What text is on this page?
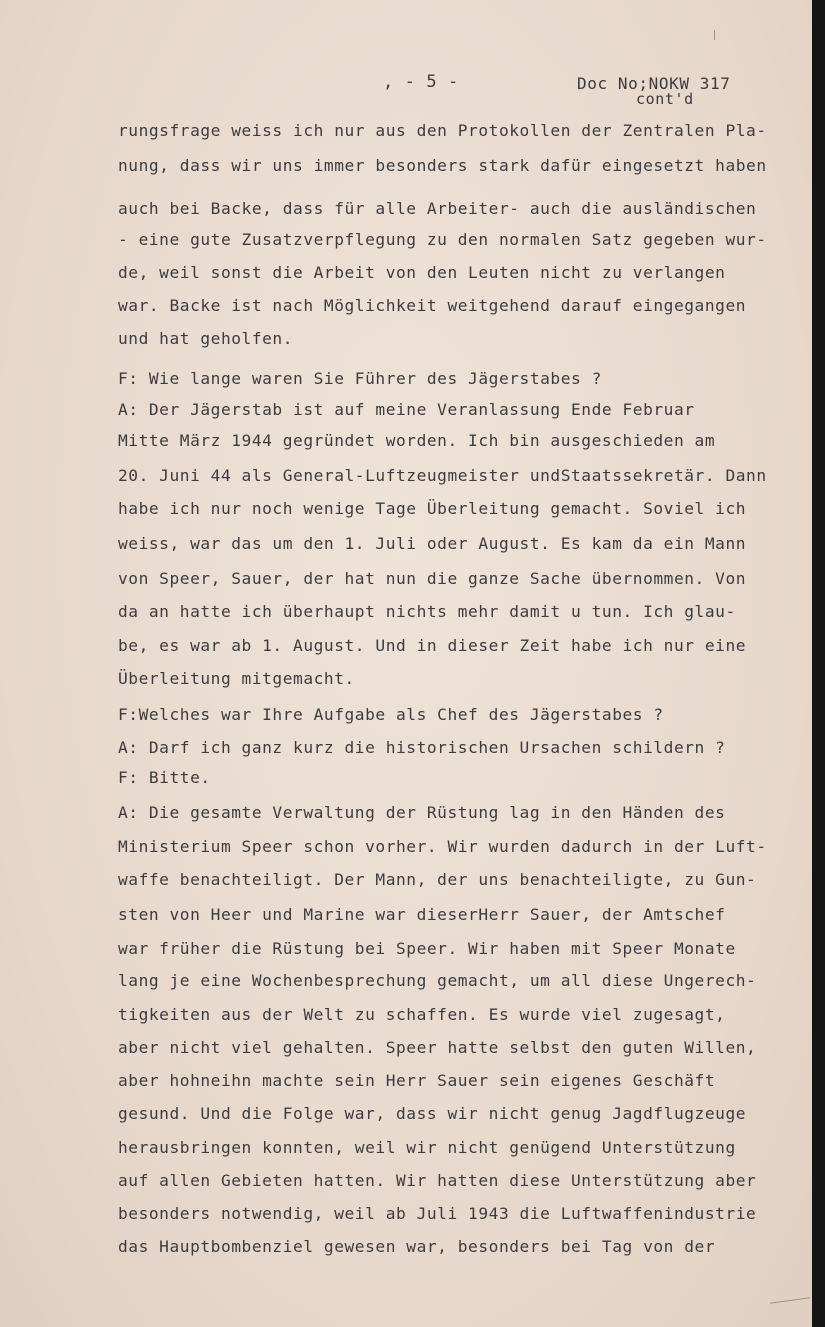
, - 5 -	Doc No;NOKW 317
cont'd
rungsfrage weiss ich nur aus den Protokollen der Zentralen Pla-
nung, dass wir uns immer besonders stark dafür eingesetzt haben
auch bei Backe, dass für alle Arbeiter- auch die ausländischen
- eine gute Zusatzverpflegung zu den normalen Satz gegeben wur-
de, weil sonst die Arbeit von den Leuten nicht zu verlangen
war. Backe ist nach Möglichkeit weitgehend darauf eingegangen
und hat geholfen.
F: Wie lange waren Sie Führer des Jägerstabes ?
A: Der Jägerstab ist auf meine Veranlassung Ende Februar
Mitte März 1944 gegründet worden. Ich bin ausgeschieden am
20. Juni 44 als General-Luftzeugmeister undStaatssekretär. Dann
habe ich nur noch wenige Tage Überleitung gemacht. Soviel ich
weiss, war das um den 1. Juli oder August. Es kam da ein Mann
von Speer, Sauer, der hat nun die ganze Sache übernommen. Von
da an hatte ich überhaupt nichts mehr damit u tun. Ich glau-
be, es war ab 1. August. Und in dieser Zeit habe ich nur eine
Überleitung mitgemacht.
F:Welches war Ihre Aufgabe als Chef des Jägerstabes ?
A: Darf ich ganz kurz die historischen Ursachen schildern ?
F: Bitte.
A: Die gesamte Verwaltung der Rüstung lag in den Händen des
Ministerium Speer schon vorher. Wir wurden dadurch in der Luft-
waffe benachteiligt. Der Mann, der uns benachteiligte, zu Gun-
sten von Heer und Marine war dieserHerr Sauer, der Amtschef
war früher die Rüstung bei Speer. Wir haben mit Speer Monate
lang je eine Wochenbesprechung gemacht, um all diese Ungerech-
tigkeiten aus der Welt zu schaffen. Es wurde viel zugesagt,
aber nicht viel gehalten. Speer hatte selbst den guten Willen,
aber hohneihn machte sein Herr Sauer sein eigenes Geschäft
gesund. Und die Folge war, dass wir nicht genug Jagdflugzeuge
herausbringen konnten, weil wir nicht genügend Unterstützung
auf allen Gebieten hatten. Wir hatten diese Unterstützung aber
besonders notwendig, weil ab Juli 1943 die Luftwaffenindustrie
das Hauptbombenziel gewesen war, besonders bei Tag von der
